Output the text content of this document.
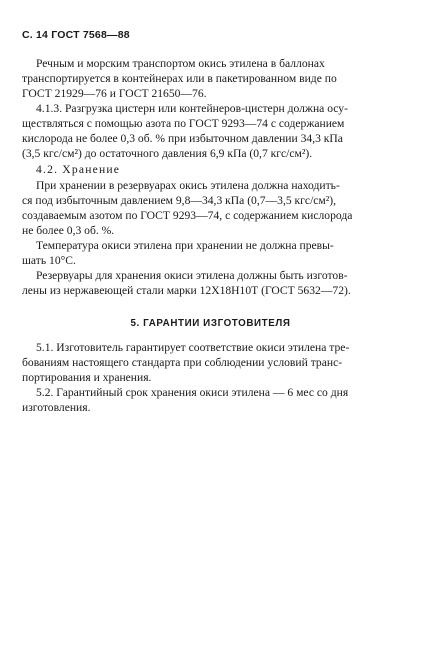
С. 14 ГОСТ 7568—88
Речным и морским транспортом окись этилена в баллонах
транспортируется в контейнерах или в пакетированном виде по
ГОСТ 21929—76 и ГОСТ 21650—76.
4.1.3. Разгрузка цистерн или контейнеров-цистерн должна осу-
ществляться с помощью азота по ГОСТ 9293—74 с содержанием
кислорода не более 0,3 об. % при избыточном давлении 34,3 кПа
(3,5 кгс/см²) до остаточного давления 6,9 кПа (0,7 кгс/см²).
4.2. Хранение
При хранении в резервуарах окись этилена должна находить-
ся под избыточным давлением 9,8—34,3 кПа (0,7—3,5 кгс/см²),
создаваемым азотом по ГОСТ 9293—74, с содержанием кислорода
не более 0,3 об. %.
Температура окиси этилена при хранении не должна превы-
шать 10°С.
Резервуары для хранения окиси этилена должны быть изготов-
лены из нержавеющей стали марки 12Х18Н10Т (ГОСТ 5632—72).
5. ГАРАНТИИ ИЗГОТОВИТЕЛЯ
5.1. Изготовитель гарантирует соответствие окиси этилена тре-
бованиям настоящего стандарта при соблюдении условий транс-
портирования и хранения.
5.2. Гарантийный срок хранения окиси этилена — 6 мес со дня
изготовления.
